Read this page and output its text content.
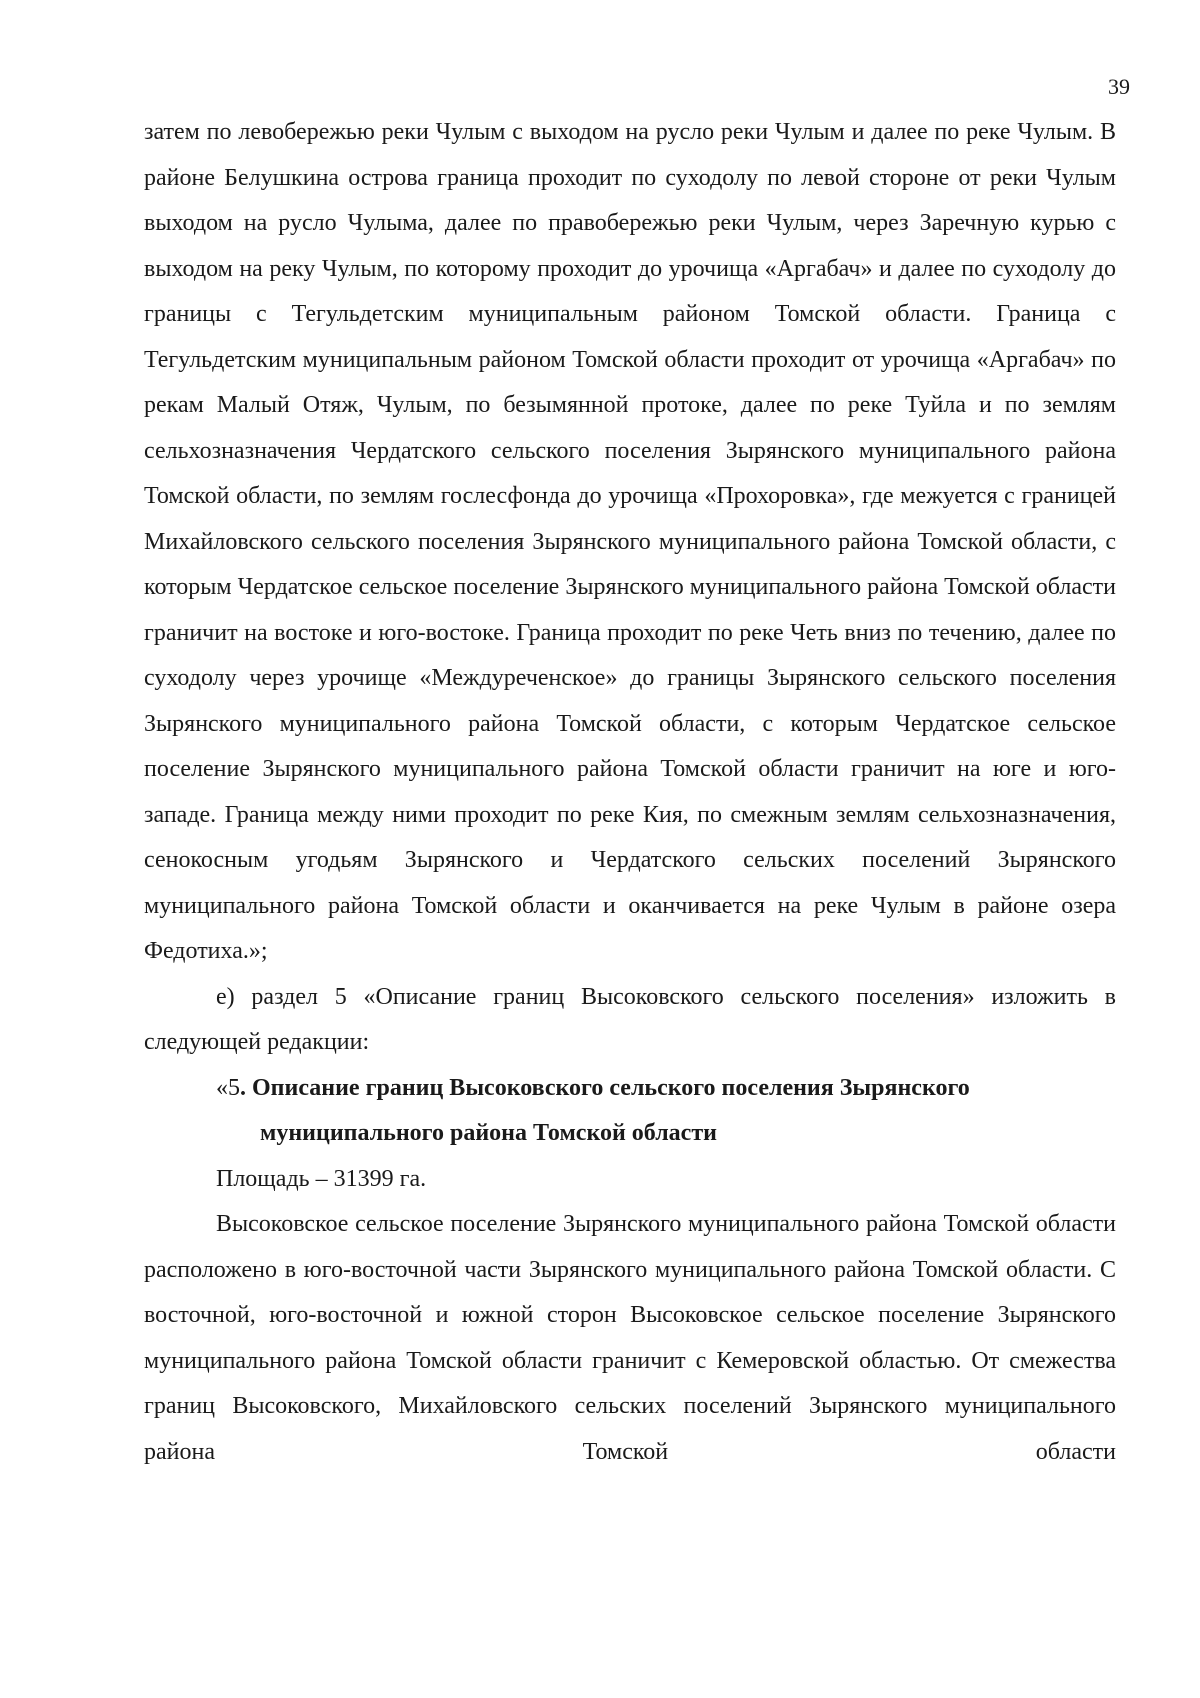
39

затем по левобережью реки Чулым с выходом на русло реки Чулым и далее по реке Чулым. В районе Белушкина острова граница проходит по суходолу по левой стороне от реки Чулым выходом на русло Чулыма, далее по правобережью реки Чулым, через Заречную курью с выходом на реку Чулым, по которому проходит до урочища «Аргабач» и далее по суходолу до границы с Тегульдетским муниципальным районом Томской области. Граница с Тегульдетским муниципальным районом Томской области проходит от урочища «Аргабач» по рекам Малый Отяж, Чулым, по безымянной протоке, далее по реке Туйла и по землям сельхозназначения Чердатского сельского поселения Зырянского муниципального района Томской области, по землям гослесфонда до урочища «Прохоровка», где межуется с границей Михайловского сельского поселения Зырянского муниципального района Томской области, с которым Чердатское сельское поселение Зырянского муниципального района Томской области граничит на востоке и юго-востоке. Граница проходит по реке Четь вниз по течению, далее по суходолу через урочище «Междуреченское» до границы Зырянского сельского поселения Зырянского муниципального района Томской области, с которым Чердатское сельское поселение Зырянского муниципального района Томской области граничит на юге и юго-западе. Граница между ними проходит по реке Кия, по смежным землям сельхозназначения, сенокосным угодьям Зырянского и Чердатского сельских поселений Зырянского муниципального района Томской области и оканчивается на реке Чулым в районе озера Федотиха.»;

е) раздел 5 «Описание границ Высоковского сельского поселения» изложить в следующей редакции:

«5. Описание границ Высоковского сельского поселения Зырянского
муниципального района Томской области

Площадь – 31399 га.

Высоковское сельское поселение Зырянского муниципального района Томской области расположено в юго-восточной части Зырянского муниципального района Томской области. С восточной, юго-восточной и южной сторон Высоковское сельское поселение Зырянского муниципального района Томской области граничит с Кемеровской областью. От смежества границ Высоковского, Михайловского сельских поселений Зырянского муниципального района Томской области
